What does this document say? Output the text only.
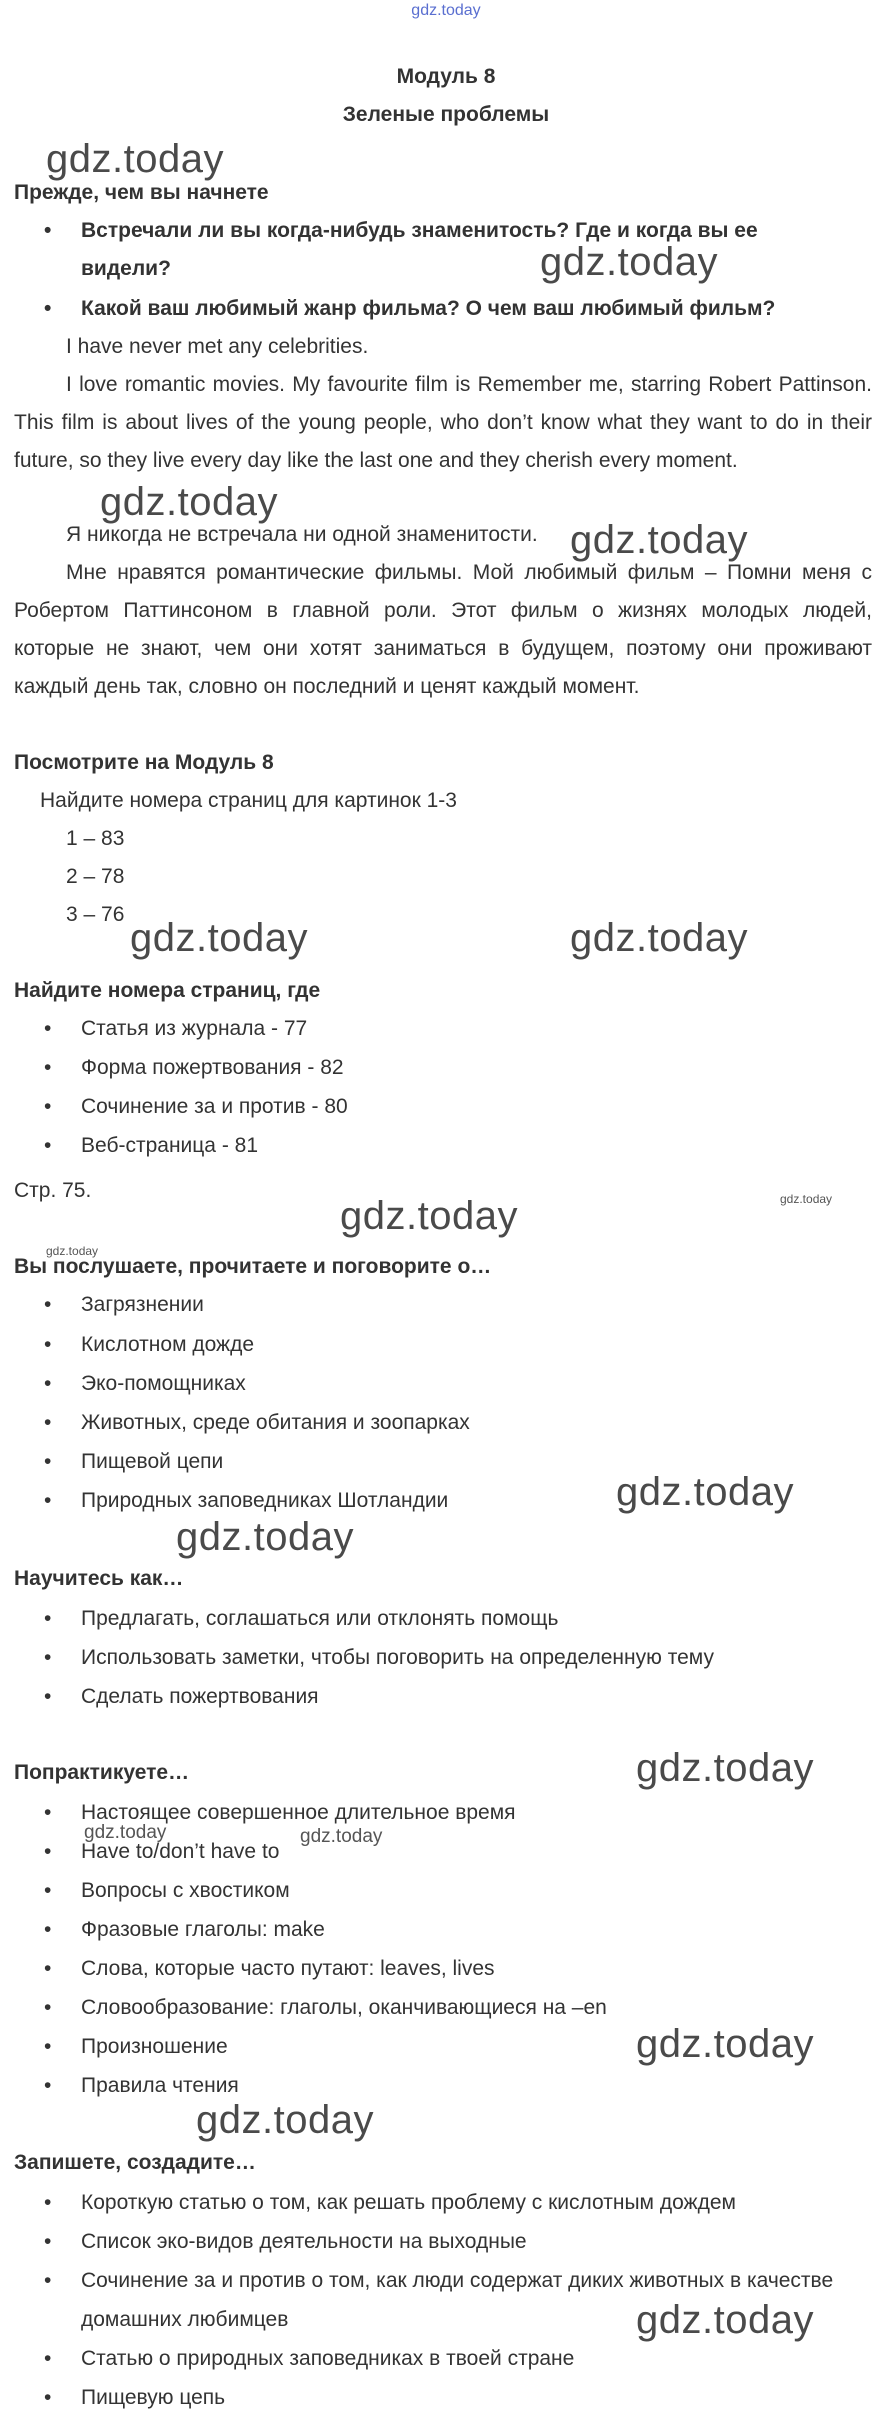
gdz.today
Модуль 8
Зеленые проблемы
Прежде, чем вы начнете
Встречали ли вы когда-нибудь знаменитость? Где и когда вы ее
видели?
Какой ваш любимый жанр фильма? О чем ваш любимый фильм?
I have never met any celebrities.
I love romantic movies. My favourite film is Remember me, starring Robert Pattinson. This film is about lives of the young people, who don’t know what they want to do in their future, so they live every day like the last one and they cherish every moment.
Я никогда не встречала ни одной знаменитости.
Мне нравятся романтические фильмы. Мой любимый фильм – Помни меня с Робертом Паттинсоном в главной роли. Этот фильм о жизнях молодых людей, которые не знают, чем они хотят заниматься в будущем, поэтому они проживают каждый день так, словно он последний и ценят каждый момент.
Посмотрите на Модуль 8
Найдите номера страниц для картинок 1-3
1 – 83
2 – 78
3 – 76
Найдите номера страниц, где
Статья из журнала - 77
Форма пожертвования - 82
Сочинение за и против - 80
Веб-страница - 81
Стр. 75.
Вы послушаете, прочитаете и поговорите о…
Загрязнении
Кислотном дожде
Эко-помощниках
Животных, среде обитания и зоопарках
Пищевой цепи
Природных заповедниках Шотландии
Научитесь как…
Предлагать, соглашаться или отклонять помощь
Использовать заметки, чтобы поговорить на определенную тему
Сделать пожертвования
Попрактикуете…
Настоящее совершенное длительное время
Have to/don’t have to
Вопросы с хвостиком
Фразовые глаголы: make
Слова, которые часто путают: leaves, lives
Словообразование: глаголы, оканчивающиеся на –en
Произношение
Правила чтения
Запишете, создадите…
Короткую статью о том, как решать проблему с кислотным дождем
Список эко-видов деятельности на выходные
Сочинение за и против о том, как люди содержат диких животных в качестве
домашних любимцев
Статью о природных заповедниках в твоей стране
Пищевую цепь
gdz.today
gdz.today
gdz.today
gdz.today
gdz.today	gdz.today
gdz.today	gdz.today
gdz.today
gdz.today
gdz.today
gdz.today
gdz.today	gdz.today
gdz.today
gdz.today
gdz.today
